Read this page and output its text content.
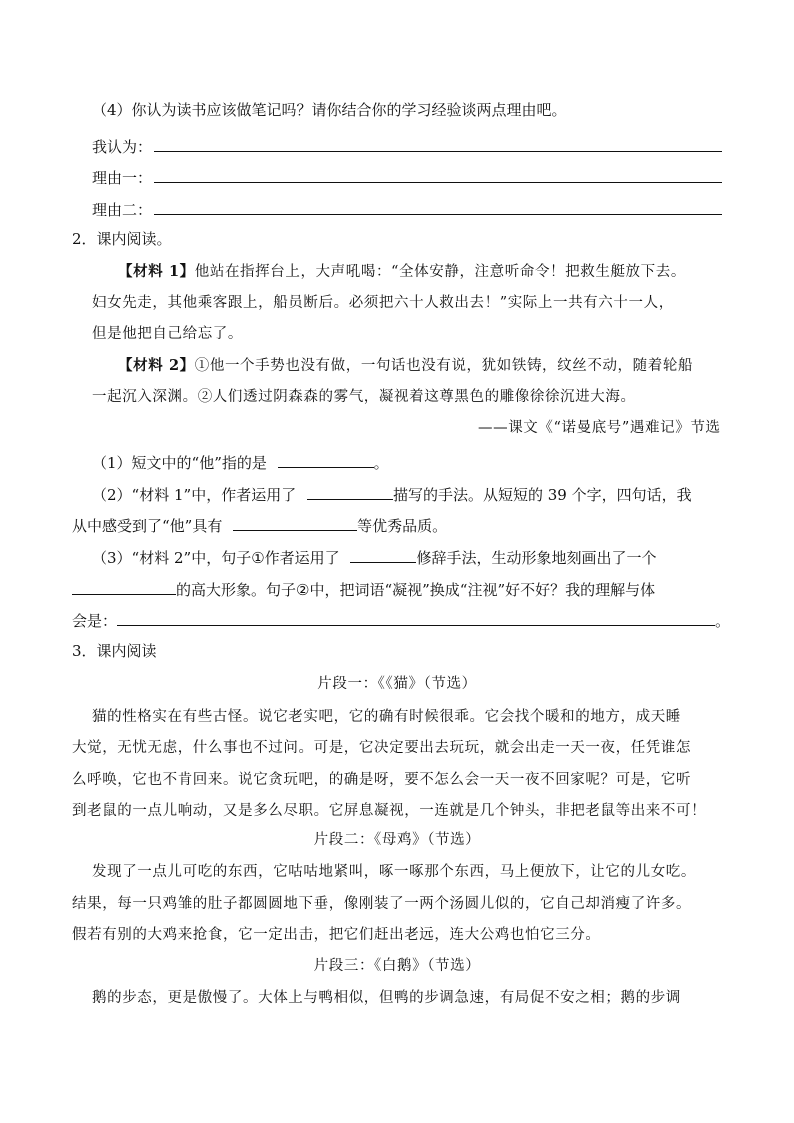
（4）你认为读书应该做笔记吗？请你结合你的学习经验谈两点理由吧。
我认为：
理由一：
理由二：
2．课内阅读。
【材料 1】他站在指挥台上，大声吼喝：“全体安静，注意听命令！把救生艇放下去。
妇女先走，其他乘客跟上，船员断后。必须把六十人救出去！”实际上一共有六十一人，
但是他把自己给忘了。
【材料 2】①他一个手势也没有做，一句话也没有说，犹如铁铸，纹丝不动，随着轮船
一起沉入深渊。②人们透过阴森森的雾气，凝视着这尊黑色的雕像徐徐沉进大海。
——课文《“诺曼底号”遇难记》节选
（1）短文中的“他”指的是	。
（2）“材料 1”中，作者运用了	描写的手法。从短短的 39 个字，四句话，我
从中感受到了“他”具有	等优秀品质。
（3）“材料 2”中，句子①作者运用了	修辞手法，生动形象地刻画出了一个
的高大形象。句子②中，把词语“凝视”换成“注视”好不好？我的理解与体
会是：	。
3．课内阅读
片段一：《《猫》（节选）
猫的性格实在有些古怪。说它老实吧，它的确有时候很乖。它会找个暖和的地方，成天睡
大觉，无忧无虑，什么事也不过问。可是，它决定要出去玩玩，就会出走一天一夜，任凭谁怎
么呼唤，它也不肯回来。说它贪玩吧，的确是呀，要不怎么会一天一夜不回家呢？可是，它听
到老鼠的一点儿响动，又是多么尽职。它屏息凝视，一连就是几个钟头，非把老鼠等出来不可！
片段二：《母鸡》（节选）
发现了一点儿可吃的东西，它咕咕地紧叫，啄一啄那个东西，马上便放下，让它的儿女吃。
结果，每一只鸡雏的肚子都圆圆地下垂，像刚装了一两个汤圆儿似的，它自己却消瘦了许多。
假若有别的大鸡来抢食，它一定出击，把它们赶出老远，连大公鸡也怕它三分。
片段三：《白鹅》（节选）
鹅的步态，更是傲慢了。大体上与鸭相似，但鸭的步调急速，有局促不安之相；鹅的步调
